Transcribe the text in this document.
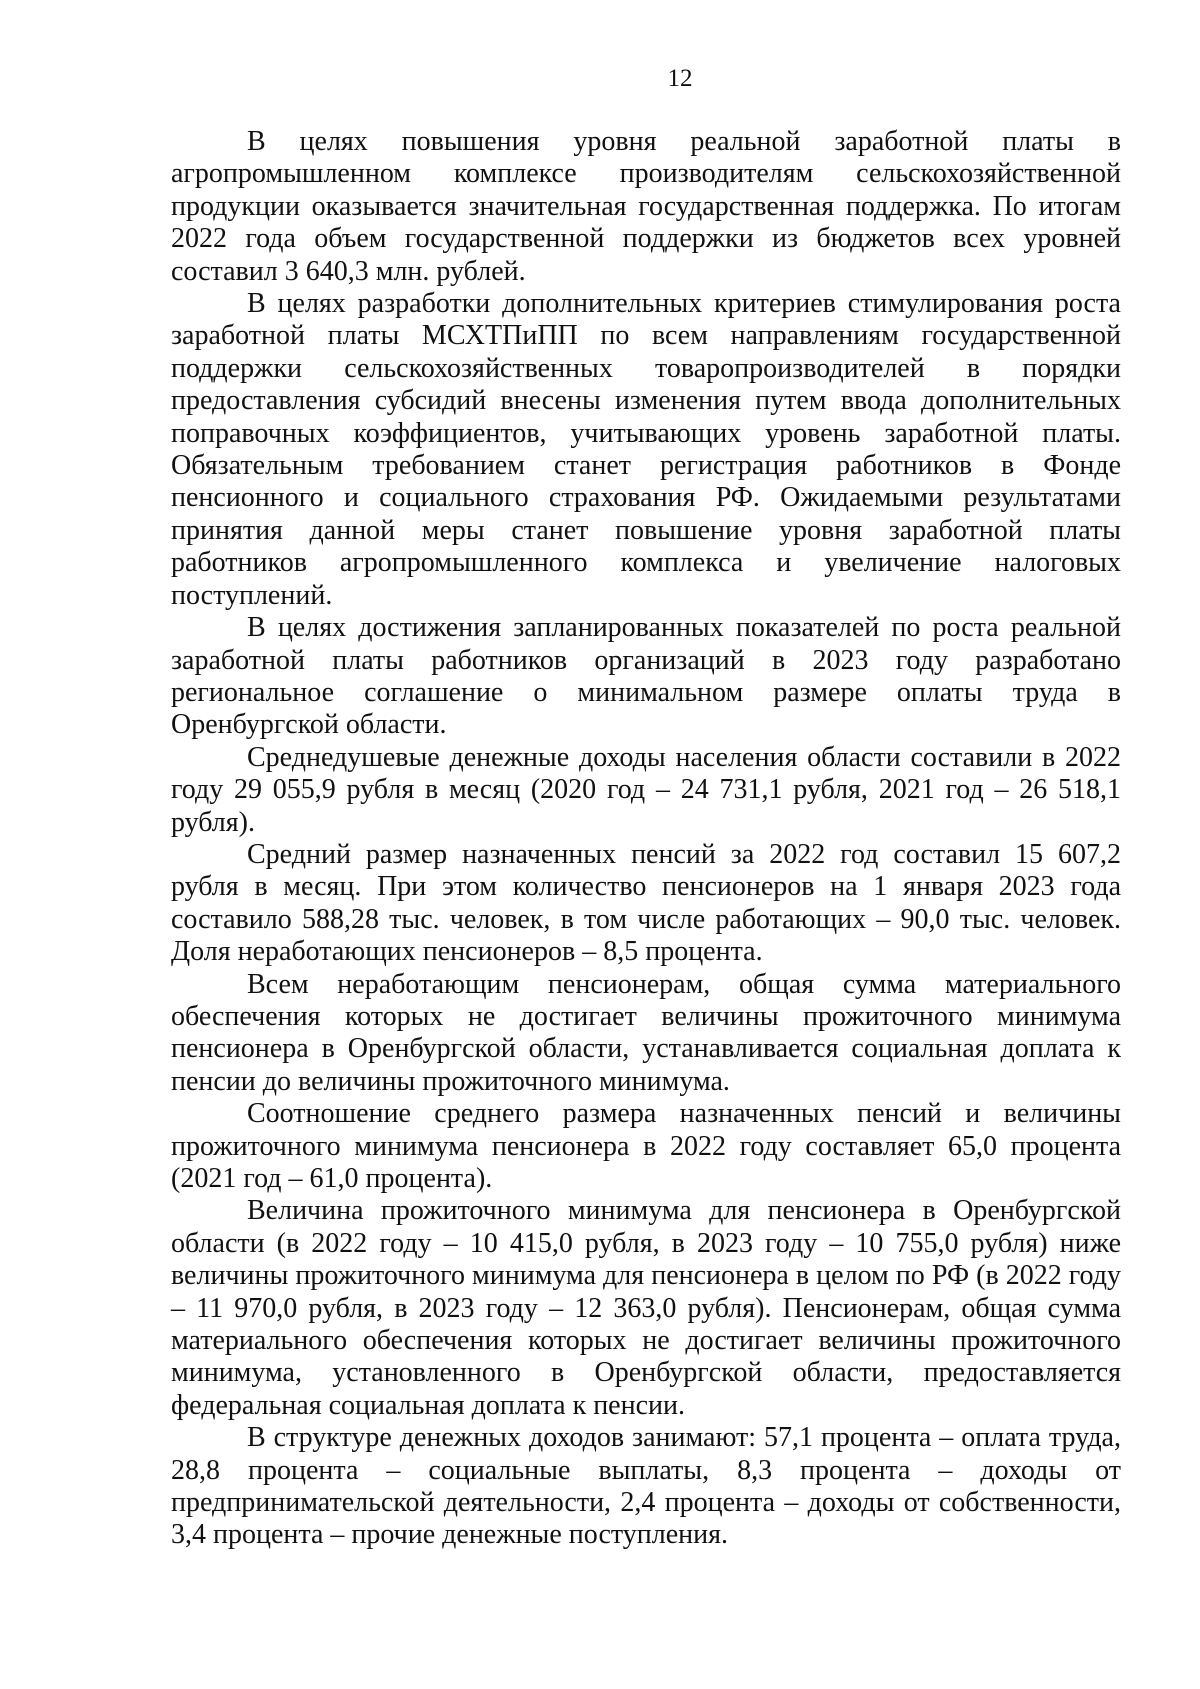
12

В целях повышения уровня реальной заработной платы в агропромышленном комплексе производителям сельскохозяйственной продукции оказывается значительная государственная поддержка. По итогам 2022 года объем государственной поддержки из бюджетов всех уровней составил 3 640,3 млн. рублей.

В целях разработки дополнительных критериев стимулирования роста заработной платы МСХТПиПП по всем направлениям государственной поддержки сельскохозяйственных товаропроизводителей в порядки предоставления субсидий внесены изменения путем ввода дополнительных поправочных коэффициентов, учитывающих уровень заработной платы. Обязательным требованием станет регистрация работников в Фонде пенсионного и социального страхования РФ. Ожидаемыми результатами принятия данной меры станет повышение уровня заработной платы работников агропромышленного комплекса и увеличение налоговых поступлений.

В целях достижения запланированных показателей по роста реальной заработной платы работников организаций в 2023 году разработано региональное соглашение о минимальном размере оплаты труда в Оренбургской области.

Среднедушевые денежные доходы населения области составили в 2022 году 29 055,9 рубля в месяц (2020 год – 24 731,1 рубля, 2021 год – 26 518,1 рубля).

Средний размер назначенных пенсий за 2022 год составил 15 607,2 рубля в месяц. При этом количество пенсионеров на 1 января 2023 года составило 588,28 тыс. человек, в том числе работающих – 90,0 тыс. человек. Доля неработающих пенсионеров – 8,5 процента.

Всем неработающим пенсионерам, общая сумма материального обеспечения которых не достигает величины прожиточного минимума пенсионера в Оренбургской области, устанавливается социальная доплата к пенсии до величины прожиточного минимума.

Соотношение среднего размера назначенных пенсий и величины прожиточного минимума пенсионера в 2022 году составляет 65,0 процента (2021 год – 61,0 процента).

Величина прожиточного минимума для пенсионера в Оренбургской области (в 2022 году – 10 415,0 рубля, в 2023 году – 10 755,0 рубля) ниже величины прожиточного минимума для пенсионера в целом по РФ (в 2022 году – 11 970,0 рубля, в 2023 году – 12 363,0 рубля). Пенсионерам, общая сумма материального обеспечения которых не достигает величины прожиточного минимума, установленного в Оренбургской области, предоставляется федеральная социальная доплата к пенсии.

В структуре денежных доходов занимают: 57,1 процента – оплата труда, 28,8 процента – социальные выплаты, 8,3 процента – доходы от предпринимательской деятельности, 2,4 процента – доходы от собственности, 3,4 процента – прочие денежные поступления.
